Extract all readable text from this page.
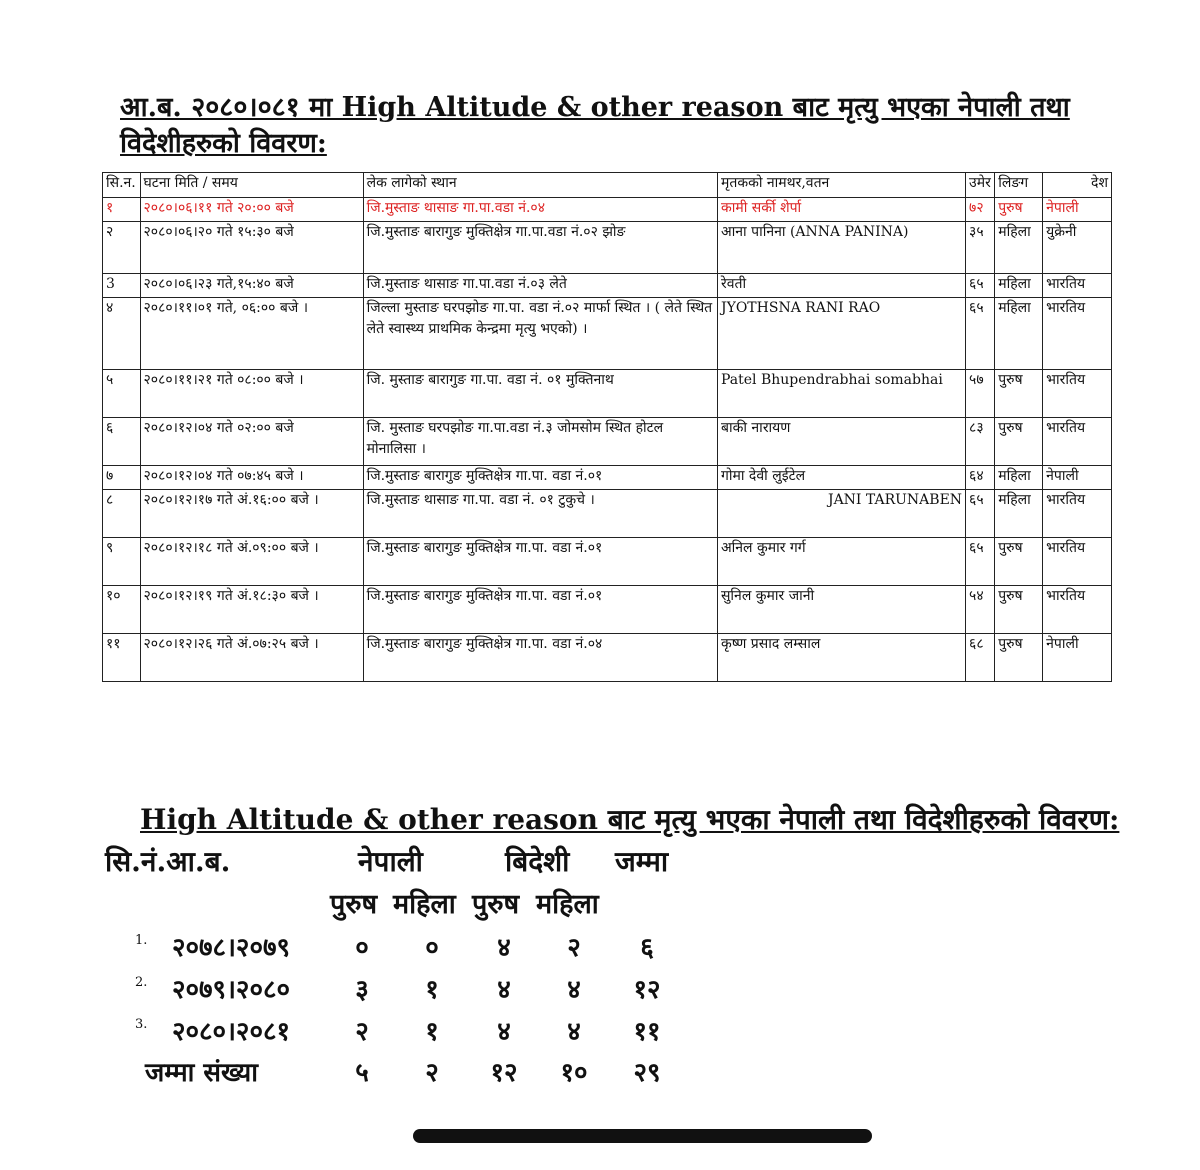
आ.ब. २०८०।०८१ मा High Altitude & other reason बाट मृत्यु भएका नेपाली तथा
विदेशीहरुको विवरण:
सि.न.	घटना मिति / समय	लेक लागेको स्थान	मृतकको नामथर,वतन	उमेर	लिङग	देश
१	२०८०।०६।११ गते २०:०० बजे	जि.मुस्ताङ थासाङ गा.पा.वडा नं.०४	कामी सर्की शेर्पा	७२	पुरुष	नेपाली
२	२०८०।०६।२० गते १५:३० बजे	जि.मुस्ताङ बारागुङ मुक्तिक्षेत्र गा.पा.वडा नं.०२ झोङ	आना पानिना (ANNA PANINA)	३५	महिला	युक्रेनी
3	२०८०।०६।२३ गते,१५:४० बजे	जि.मुस्ताङ थासाङ गा.पा.वडा नं.०३ लेते	रेवती	६५	महिला	भारतिय
४	२०८०।११।०१ गते, ०६:०० बजे ।	जिल्ला मुस्ताङ घरपझोङ गा.पा. वडा नं.०२ मार्फा स्थित । ( लेते स्थित लेते स्वास्थ्य प्राथमिक केन्द्रमा मृत्यु भएको) ।	JYOTHSNA RANI RAO	६५	महिला	भारतिय
५	२०८०।११।२१ गते ०८:०० बजे ।	जि. मुस्ताङ बारागुङ गा.पा. वडा नं. ०१ मुक्तिनाथ	Patel Bhupendrabhai somabhai	५७	पुरुष	भारतिय
६	२०८०।१२।०४ गते ०२:०० बजे	जि. मुस्ताङ घरपझोङ गा.पा.वडा नं.३ जोमसोम स्थित होटल मोनालिसा ।	बाकी नारायण	८३	पुरुष	भारतिय
७	२०८०।१२।०४ गते ०७:४५ बजे ।	जि.मुस्ताङ बारागुङ मुक्तिक्षेत्र गा.पा. वडा नं.०१	गोमा देवी लुईटेल	६४	महिला	नेपाली
८	२०८०।१२।१७ गते अं.१६:०० बजे ।	जि.मुस्ताङ थासाङ गा.पा. वडा नं. ०१ टुकुचे ।	JANI TARUNABEN	६५	महिला	भारतिय
९	२०८०।१२।१८ गते अं.०९:०० बजे ।	जि.मुस्ताङ बारागुङ मुक्तिक्षेत्र गा.पा. वडा नं.०१	अनिल कुमार गर्ग	६५	पुरुष	भारतिय
१०	२०८०।१२।१९ गते अं.१८:३० बजे ।	जि.मुस्ताङ बारागुङ मुक्तिक्षेत्र गा.पा. वडा नं.०१	सुनिल कुमार जानी	५४	पुरुष	भारतिय
११	२०८०।१२।२६ गते अं.०७:२५ बजे ।	जि.मुस्ताङ बारागुङ मुक्तिक्षेत्र गा.पा. वडा नं.०४	कृष्ण प्रसाद लम्साल	६८	पुरुष	नेपाली
High Altitude & other reason बाट मृत्यु भएका नेपाली तथा विदेशीहरुको विवरण:
सि.नं.आ.ब.	नेपाली	बिदेशी जम्मा
पुरुष महिला पुरुष महिला
1. २०७८।२०७९	० ० ४ २ ६
2. २०७९।२०८०	३ १ ४ ४ १२
3. २०८०।२०८१	२ १ ४ ४ ११
जम्मा संख्या	५ २ १२ १० २९
